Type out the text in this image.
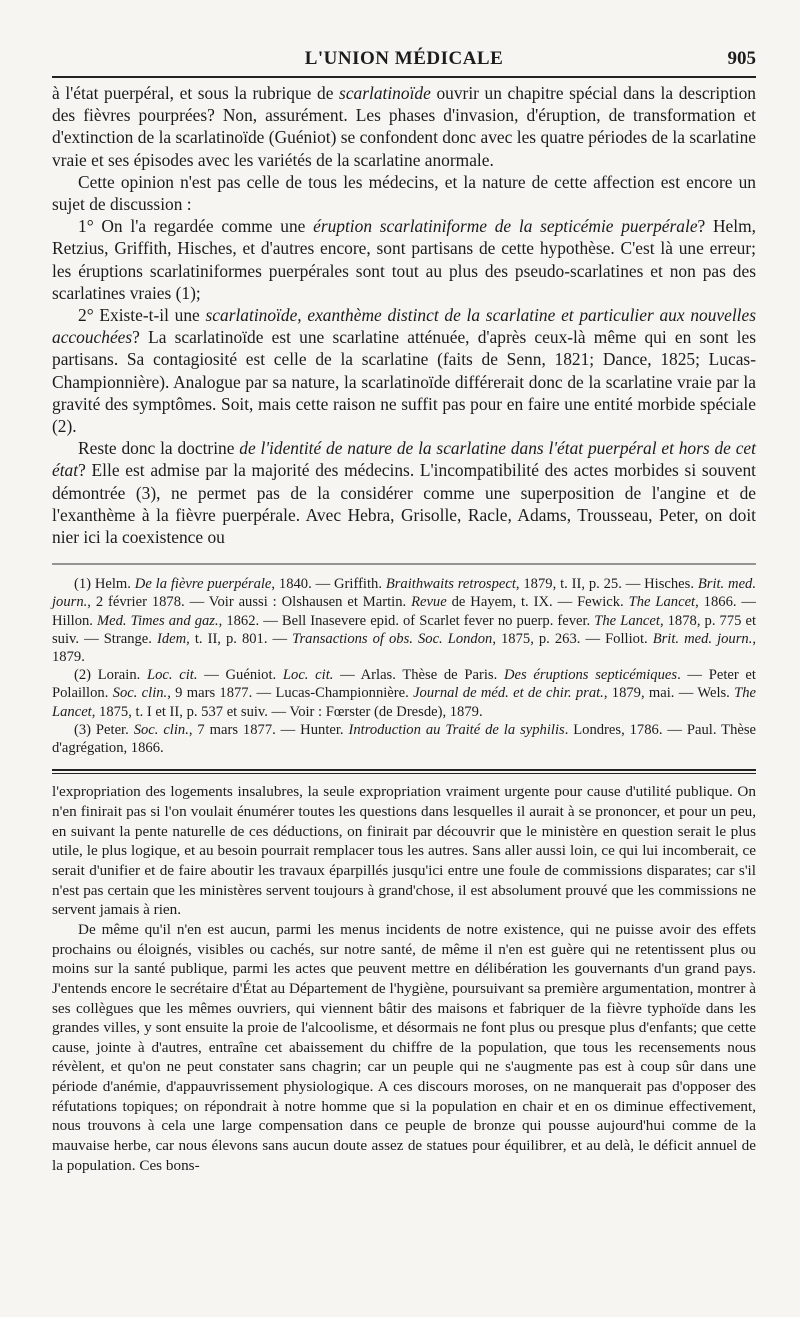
L'UNION MÉDICALE	905

à l'état puerpéral, et sous la rubrique de scarlatinoïde ouvrir un chapitre spécial dans la description des fièvres pourprées? Non, assurément. Les phases d'invasion, d'éruption, de transformation et d'extinction de la scarlatinoïde (Guéniot) se confondent donc avec les quatre périodes de la scarlatine vraie et ses épisodes avec les variétés de la scarlatine anormale.

Cette opinion n'est pas celle de tous les médecins, et la nature de cette affection est encore un sujet de discussion :

1° On l'a regardée comme une éruption scarlatiniforme de la septicémie puerpérale? Helm, Retzius, Griffith, Hisches, et d'autres encore, sont partisans de cette hypothèse. C'est là une erreur; les éruptions scarlatiniformes puerpérales sont tout au plus des pseudo-scarlatines et non pas des scarlatines vraies (1);

2° Existe-t-il une scarlatinoïde, exanthème distinct de la scarlatine et particulier aux nouvelles accouchées? La scarlatinoïde est une scarlatine atténuée, d'après ceux-là même qui en sont les partisans. Sa contagiosité est celle de la scarlatine (faits de Senn, 1821; Dance, 1825; Lucas-Championnière). Analogue par sa nature, la scarlatinoïde différerait donc de la scarlatine vraie par la gravité des symptômes. Soit, mais cette raison ne suffit pas pour en faire une entité morbide spéciale (2).

Reste donc la doctrine de l'identité de nature de la scarlatine dans l'état puerpéral et hors de cet état? Elle est admise par la majorité des médecins. L'incompatibilité des actes morbides si souvent démontrée (3), ne permet pas de la considérer comme une superposition de l'angine et de l'exanthème à la fièvre puerpérale. Avec Hebra, Grisolle, Racle, Adams, Trousseau, Peter, on doit nier ici la coexistence ou

(1) Helm. De la fièvre puerpérale, 1840. — Griffith. Braithwaits retrospect, 1879, t. II, p. 25. — Hisches. Brit. med. journ., 2 février 1878. — Voir aussi : Olshausen et Martin. Revue de Hayem, t. IX. — Fewick. The Lancet, 1866. — Hillon. Med. Times and gaz., 1862. — Bell Inasevere epid. of Scarlet fever no puerp. fever. The Lancet, 1878, p. 775 et suiv. — Strange. Idem, t. II, p. 801. — Transactions of obs. Soc. London, 1875, p. 263. — Folliot. Brit. med. journ., 1879.

(2) Lorain. Loc. cit. — Guéniot. Loc. cit. — Arlas. Thèse de Paris. Des éruptions septicémiques. — Peter et Polaillon. Soc. clin., 9 mars 1877. — Lucas-Championnière. Journal de méd. et de chir. prat., 1879, mai. — Wels. The Lancet, 1875, t. I et II, p. 537 et suiv. — Voir : Fœrster (de Dresde), 1879.

(3) Peter. Soc. clin., 7 mars 1877. — Hunter. Introduction au Traité de la syphilis. Londres, 1786. — Paul. Thèse d'agrégation, 1866.

l'expropriation des logements insalubres, la seule expropriation vraiment urgente pour cause d'utilité publique. On n'en finirait pas si l'on voulait énumérer toutes les questions dans lesquelles il aurait à se prononcer, et pour un peu, en suivant la pente naturelle de ces déductions, on finirait par découvrir que le ministère en question serait le plus utile, le plus logique, et au besoin pourrait remplacer tous les autres. Sans aller aussi loin, ce qui lui incomberait, ce serait d'unifier et de faire aboutir les travaux éparpillés jusqu'ici entre une foule de commissions disparates; car s'il n'est pas certain que les ministères servent toujours à grand'chose, il est absolument prouvé que les commissions ne servent jamais à rien.

De même qu'il n'en est aucun, parmi les menus incidents de notre existence, qui ne puisse avoir des effets prochains ou éloignés, visibles ou cachés, sur notre santé, de même il n'en est guère qui ne retentissent plus ou moins sur la santé publique, parmi les actes que peuvent mettre en délibération les gouvernants d'un grand pays. J'entends encore le secrétaire d'État au Département de l'hygiène, poursuivant sa première argumentation, montrer à ses collègues que les mêmes ouvriers, qui viennent bâtir des maisons et fabriquer de la fièvre typhoïde dans les grandes villes, y sont ensuite la proie de l'alcoolisme, et désormais ne font plus ou presque plus d'enfants; que cette cause, jointe à d'autres, entraîne cet abaissement du chiffre de la population, que tous les recensements nous révèlent, et qu'on ne peut constater sans chagrin; car un peuple qui ne s'augmente pas est à coup sûr dans une période d'anémie, d'appauvrissement physiologique. A ces discours moroses, on ne manquerait pas d'opposer des réfutations topiques; on répondrait à notre homme que si la population en chair et en os diminue effectivement, nous trouvons à cela une large compensation dans ce peuple de bronze qui pousse aujourd'hui comme de la mauvaise herbe, car nous élevons sans aucun doute assez de statues pour équilibrer, et au delà, le déficit annuel de la population. Ces bons-
